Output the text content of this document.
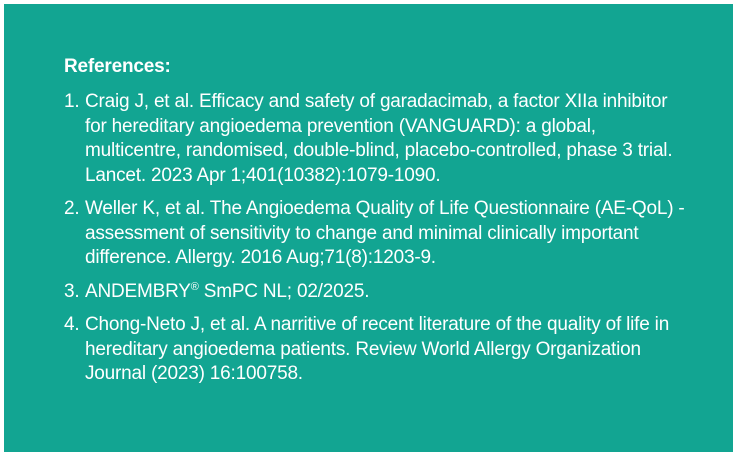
References:
1. Craig J, et al. Efficacy and safety of garadacimab, a factor XIIa inhibitor for hereditary angioedema prevention (VANGUARD): a global, multicentre, randomised, double-blind, placebo-controlled, phase 3 trial. Lancet. 2023 Apr 1;401(10382):1079-1090.
2. Weller K, et al. The Angioedema Quality of Life Questionnaire (AE-QoL) - assessment of sensitivity to change and minimal clinically important difference. Allergy. 2016 Aug;71(8):1203-9.
3. ANDEMBRY® SmPC NL; 02/2025.
4. Chong-Neto J, et al. A narritive of recent literature of the quality of life in hereditary angioedema patients. Review World Allergy Organization Journal (2023) 16:100758.
